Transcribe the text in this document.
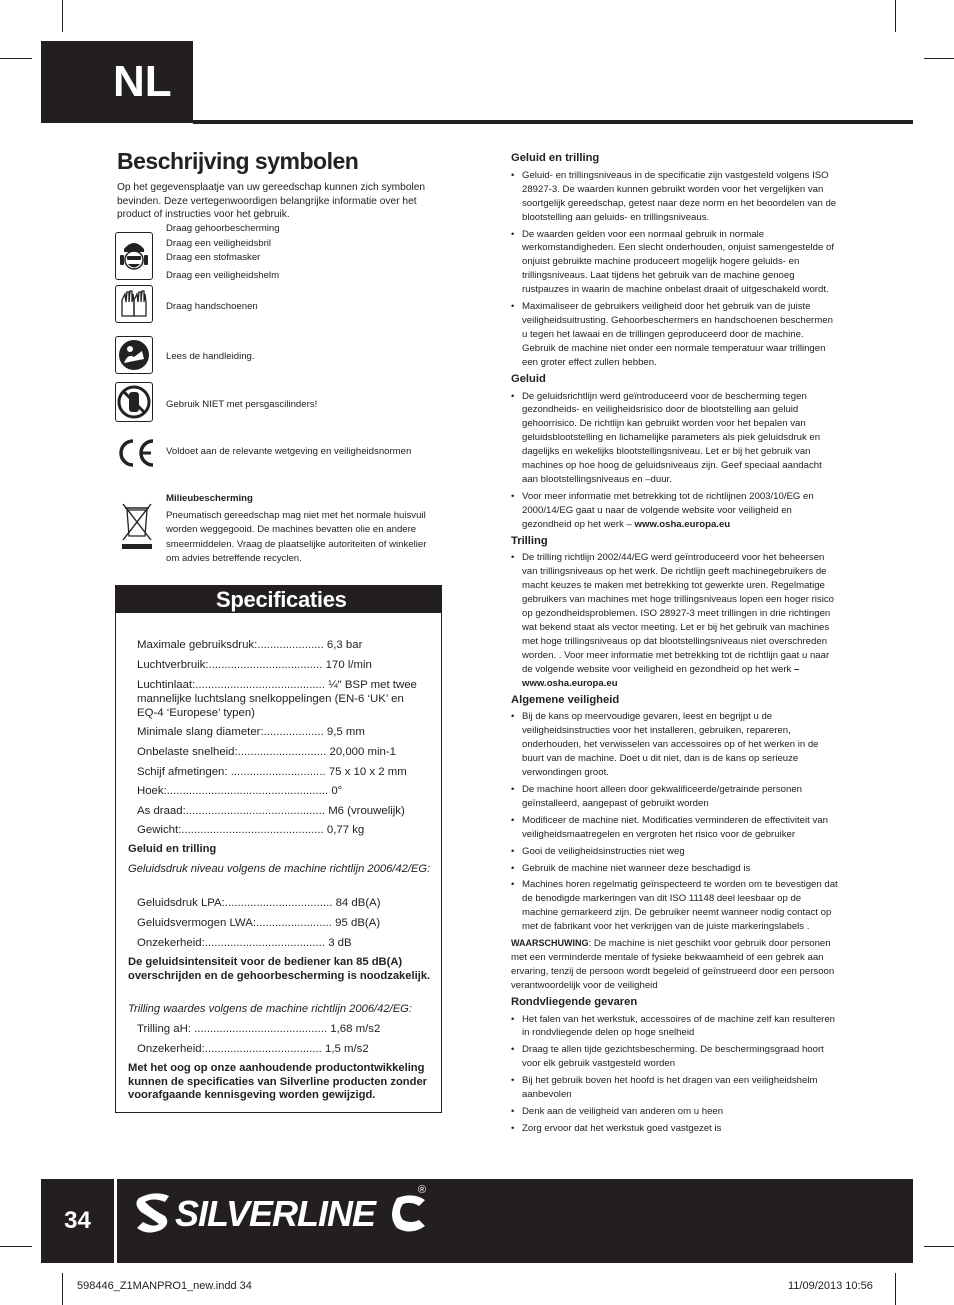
NL
Beschrijving symbolen

Op het gegevensplaatje van uw gereedschap kunnen zich symbolen bevinden. Deze vertegenwoordigen belangrijke informatie over het product of instructies voor het gebruik.

Draag gehoorbescherming
Draag een veiligheidsbril
Draag een stofmasker
Draag een veiligheidshelm
Draag handschoenen
Lees de handleiding.
Gebruik NIET met persgascilinders!
Voldoet aan de relevante wetgeving en veiligheidsnormen
Milieubescherming
Pneumatisch gereedschap mag niet met het normale huisvuil worden weggegooid. De machines bevatten olie en andere smeermiddelen. Vraag de plaatselijke autoriteiten of winkelier om advies betreffende recyclen.
Specificaties
Maximale gebruiksdruk:..................... 6,3 bar
Luchtverbruik:.................................... 170 l/min
Luchtinlaat:......................................... ¼" BSP met twee mannelijke luchtslang snelkoppelingen (EN-6 ‘UK’ en EQ-4 ‘Europese’ typen)
Minimale slang diameter:................... 9,5 mm
Onbelaste snelheid:............................ 20,000 min-1
Schijf afmetingen: .............................. 75 x 10 x 2 mm
Hoek:................................................... 0°
As draad:............................................ M6 (vrouwelijk)
Gewicht:............................................. 0,77 kg
Geluid en trilling
Geluidsdruk niveau volgens de machine richtlijn 2006/42/EG:
Geluidsdruk LPA:.................................. 84 dB(A)
Geluidsvermogen LWA:........................ 95 dB(A)
Onzekerheid:...................................... 3 dB
De geluidsintensiteit voor de bediener kan 85 dB(A) overschrijden en de gehoorbescherming is noodzakelijk.
Trilling waardes volgens de machine richtlijn 2006/42/EG:
Trilling aH: .......................................... 1,68 m/s2
Onzekerheid:..................................... 1,5 m/s2
Met het oog op onze aanhoudende productontwikkeling kunnen de specificaties van Silverline producten zonder voorafgaande kennisgeving worden gewijzigd.
Geluid en trilling
• Geluid- en trillingsniveaus in de specificatie zijn vastgesteld volgens ISO 28927-3. De waarden kunnen gebruikt worden voor het vergelijken van soortgelijk gereedschap, getest naar deze norm en het beoordelen van de blootstelling aan geluids- en trillingsniveaus.
• De waarden gelden voor een normaal gebruik in normale werkomstandigheden. Een slecht onderhouden, onjuist samengestelde of onjuist gebruikte machine produceert mogelijk hogere geluids- en trillingsniveaus. Laat tijdens het gebruik van de machine genoeg rustpauzes in waarin de machine onbelast draait of uitgeschakeld wordt.
• Maximaliseer de gebruikers veiligheid door het gebruik van de juiste veiligheidsuitrusting. Gehoorbeschermers en handschoenen beschermen u tegen het lawaai en de trillingen geproduceerd door de machine. Gebruik de machine niet onder een normale temperatuur waar trillingen een groter effect zullen hebben.
Geluid
• De geluidsrichtlijn werd geïntroduceerd voor de bescherming tegen gezondheids- en veiligheidsrisico door de blootstelling aan geluid gehoorrisico. De richtlijn kan gebruikt worden voor het bepalen van geluidsblootstelling en lichamelijke parameters als piek geluidsdruk en dagelijks en wekelijks blootstellingsniveau. Let er bij het gebruik van machines op hoe hoog de geluidsniveaus zijn. Geef speciaal aandacht aan blootstellingsniveaus en –duur.
• Voor meer informatie met betrekking tot de richtlijnen 2003/10/EG en 2000/14/EG gaat u naar de volgende website voor veiligheid en gezondheid op het werk – www.osha.europa.eu
Trilling
• De trilling richtlijn 2002/44/EG werd geïntroduceerd voor het beheersen van trillingsniveaus op het werk. De richtlijn geeft machinegebruikers de macht keuzes te maken met betrekking tot gewerkte uren. Regelmatige gebruikers van machines met hoge trillingsniveaus lopen een hoger risico op gezondheidsproblemen. ISO 28927-3 meet trillingen in drie richtingen wat bekend staat als vector meeting. Let er bij het gebruik van machines met hoge trillingsniveaus op dat blootstellingsniveaus niet overschreden worden. . Voor meer informatie met betrekking tot de richtlijn gaat u naar de volgende website voor veiligheid en gezondheid op het werk – www.osha.europa.eu
Algemene veiligheid
• Bij de kans op meervoudige gevaren, leest en begrijpt u de veiligheidsinstructies voor het installeren, gebruiken, repareren, onderhouden, het verwisselen van accessoires op of het werken in de buurt van de machine. Doet u dit niet, dan is de kans op serieuze verwondingen groot.
• De machine hoort alleen door gekwalificeerde/getrainde personen geïnstalleerd, aangepast of gebruikt worden
• Modificeer de machine niet. Modificaties verminderen de effectiviteit van veiligheidsmaatregelen en vergroten het risico voor de gebruiker
• Gooi de veiligheidsinstructies niet weg
• Gebruik de machine niet wanneer deze beschadigd is
• Machines horen regelmatig geïnspecteerd te worden om te bevestigen dat de benodigde markeringen van dit ISO 11148 deel leesbaar op de machine gemarkeerd zijn. De gebruiker neemt wanneer nodig contact op met de fabrikant voor het verkrijgen van de juiste markeringslabels .

WAARSCHUWING: De machine is niet geschikt voor gebruik door personen met een verminderde mentale of fysieke bekwaamheid of een gebrek aan ervaring, tenzij de persoon wordt begeleid of geïnstrueerd door een persoon verantwoordelijk voor de veiligheid

Rondvliegende gevaren
• Het falen van het werkstuk, accessoires of de machine zelf kan resulteren in rondvliegende delen op hoge snelheid
• Draag te allen tijde gezichtsbescherming. De beschermingsgraad hoort voor elk gebruik vastgesteld worden
• Bij het gebruik boven het hoofd is het dragen van een veiligheidshelm aanbevolen
• Denk aan de veiligheid van anderen om u heen
• Zorg ervoor dat het werkstuk goed vastgezet is
34	SILVERLINE
®
598446_Z1MANPRO1_new.indd 34	11/09/2013 10:56
